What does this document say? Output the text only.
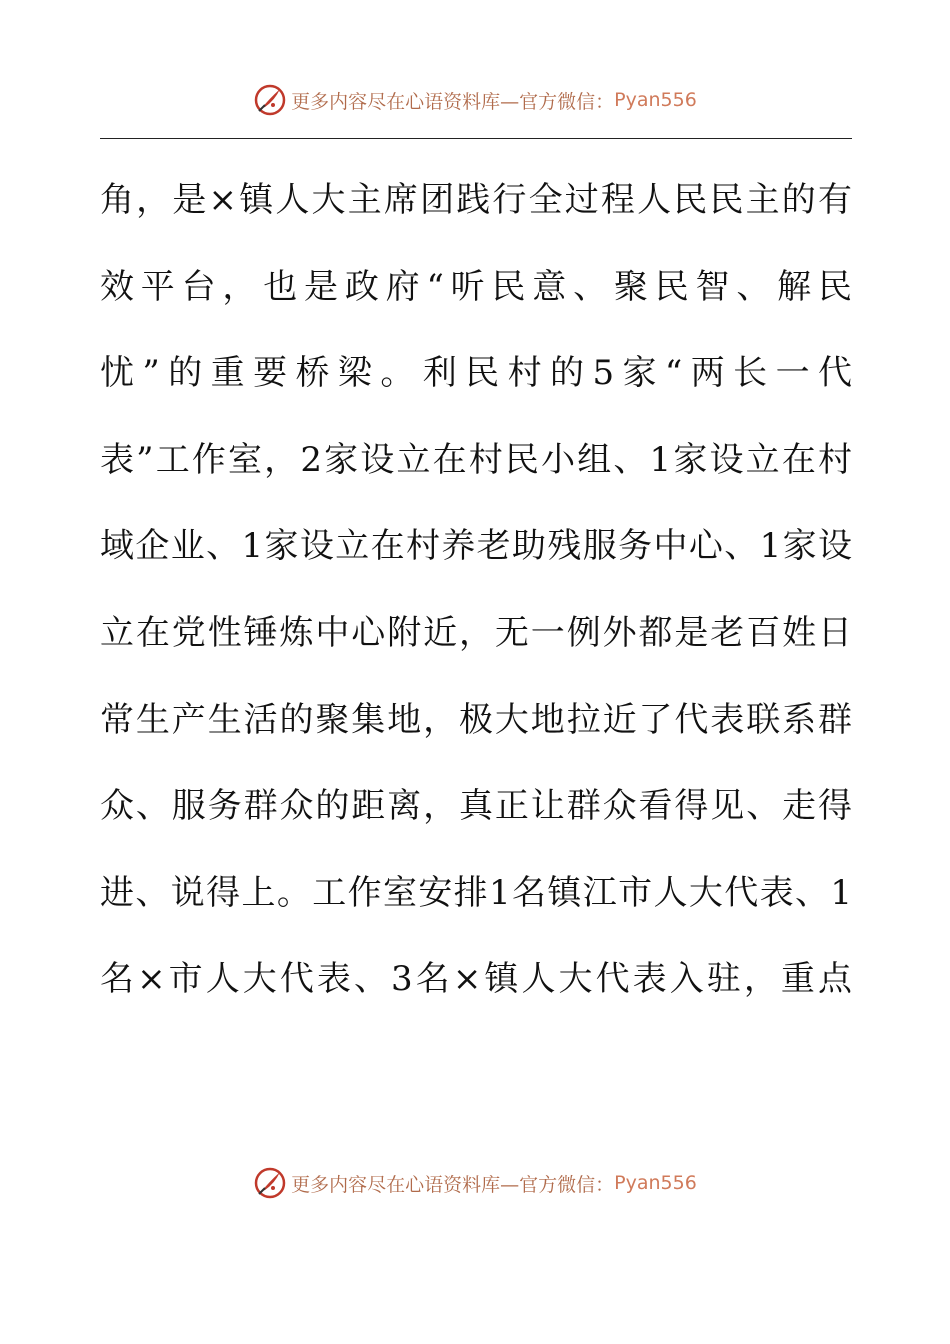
更多内容尽在心语资料库—官方微信： Pyan556
角，是×镇人大主席团践行全过程人民民主的有
效平台，也是政府“听民意、聚民智、解民
忧”的重要桥梁。利民村的5家“两长一代
表”工作室，2家设立在村民小组、1家设立在村
域企业、1家设立在村养老助残服务中心、1家设
立在党性锤炼中心附近，无一例外都是老百姓日
常生产生活的聚集地，极大地拉近了代表联系群
众、服务群众的距离，真正让群众看得见、走得
进、说得上。工作室安排1名镇江市人大代表、1
名×市人大代表、3名×镇人大代表入驻，重点
更多内容尽在心语资料库—官方微信： Pyan556
